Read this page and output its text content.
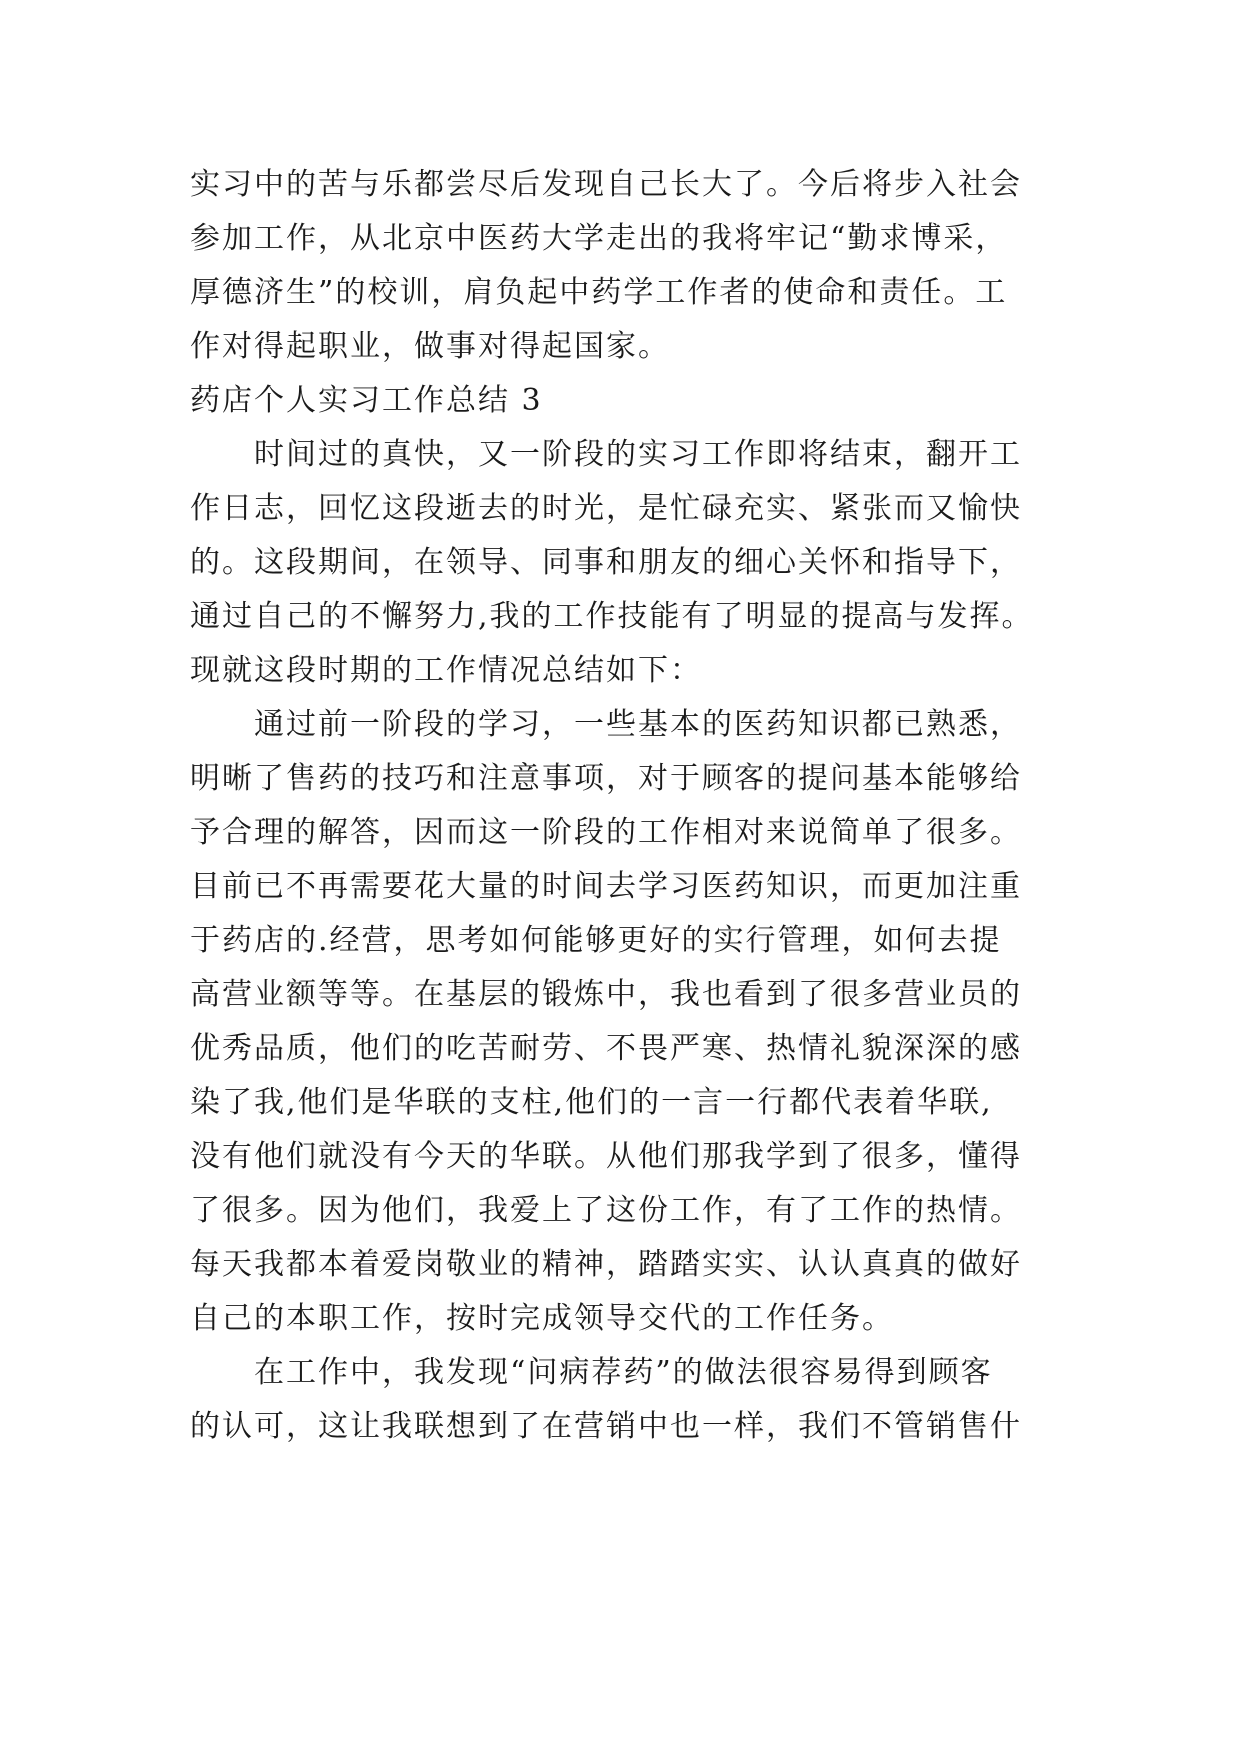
实习中的苦与乐都尝尽后发现自己长大了。今后将步入社会
参加工作，从北京中医药大学走出的我将牢记“勤求博采，
厚德济生”的校训，肩负起中药学工作者的使命和责任。工
作对得起职业，做事对得起国家。
药店个人实习工作总结 3
时间过的真快，又一阶段的实习工作即将结束，翻开工
作日志，回忆这段逝去的时光，是忙碌充实、紧张而又愉快
的。这段期间，在领导、同事和朋友的细心关怀和指导下，
通过自己的不懈努力,我的工作技能有了明显的提高与发挥。
现就这段时期的工作情况总结如下：
通过前一阶段的学习，一些基本的医药知识都已熟悉，
明晰了售药的技巧和注意事项，对于顾客的提问基本能够给
予合理的解答，因而这一阶段的工作相对来说简单了很多。
目前已不再需要花大量的时间去学习医药知识，而更加注重
于药店的.经营，思考如何能够更好的实行管理，如何去提
高营业额等等。在基层的锻炼中，我也看到了很多营业员的
优秀品质，他们的吃苦耐劳、不畏严寒、热情礼貌深深的感
染了我,他们是华联的支柱,他们的一言一行都代表着华联,
没有他们就没有今天的华联。从他们那我学到了很多，懂得
了很多。因为他们，我爱上了这份工作，有了工作的热情。
每天我都本着爱岗敬业的精神，踏踏实实、认认真真的做好
自己的本职工作，按时完成领导交代的工作任务。
在工作中，我发现“问病荐药”的做法很容易得到顾客
的认可，这让我联想到了在营销中也一样，我们不管销售什
